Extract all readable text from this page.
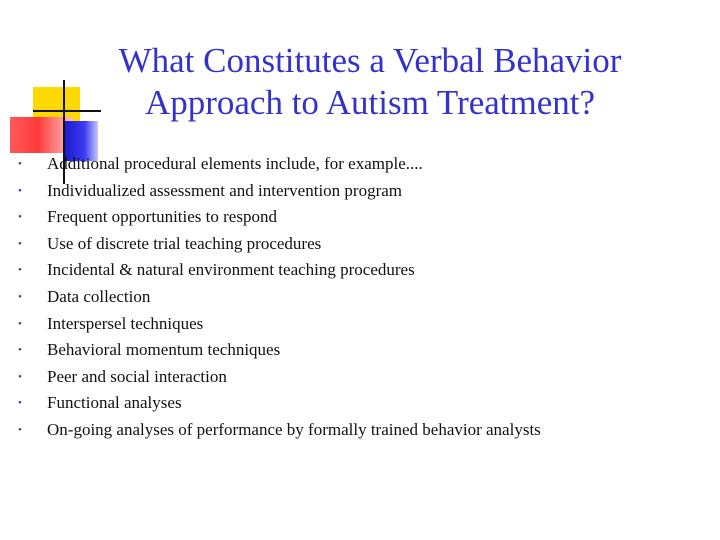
What Constitutes a Verbal Behavior Approach to Autism Treatment?
• Additional procedural elements include, for example....
• Individualized assessment and intervention program
• Frequent opportunities to respond
• Use of discrete trial teaching procedures
• Incidental & natural environment teaching procedures
• Data collection
• Interspersel techniques
• Behavioral momentum techniques
• Peer and social interaction
• Functional analyses
• On-going analyses of performance by formally trained behavior analysts
